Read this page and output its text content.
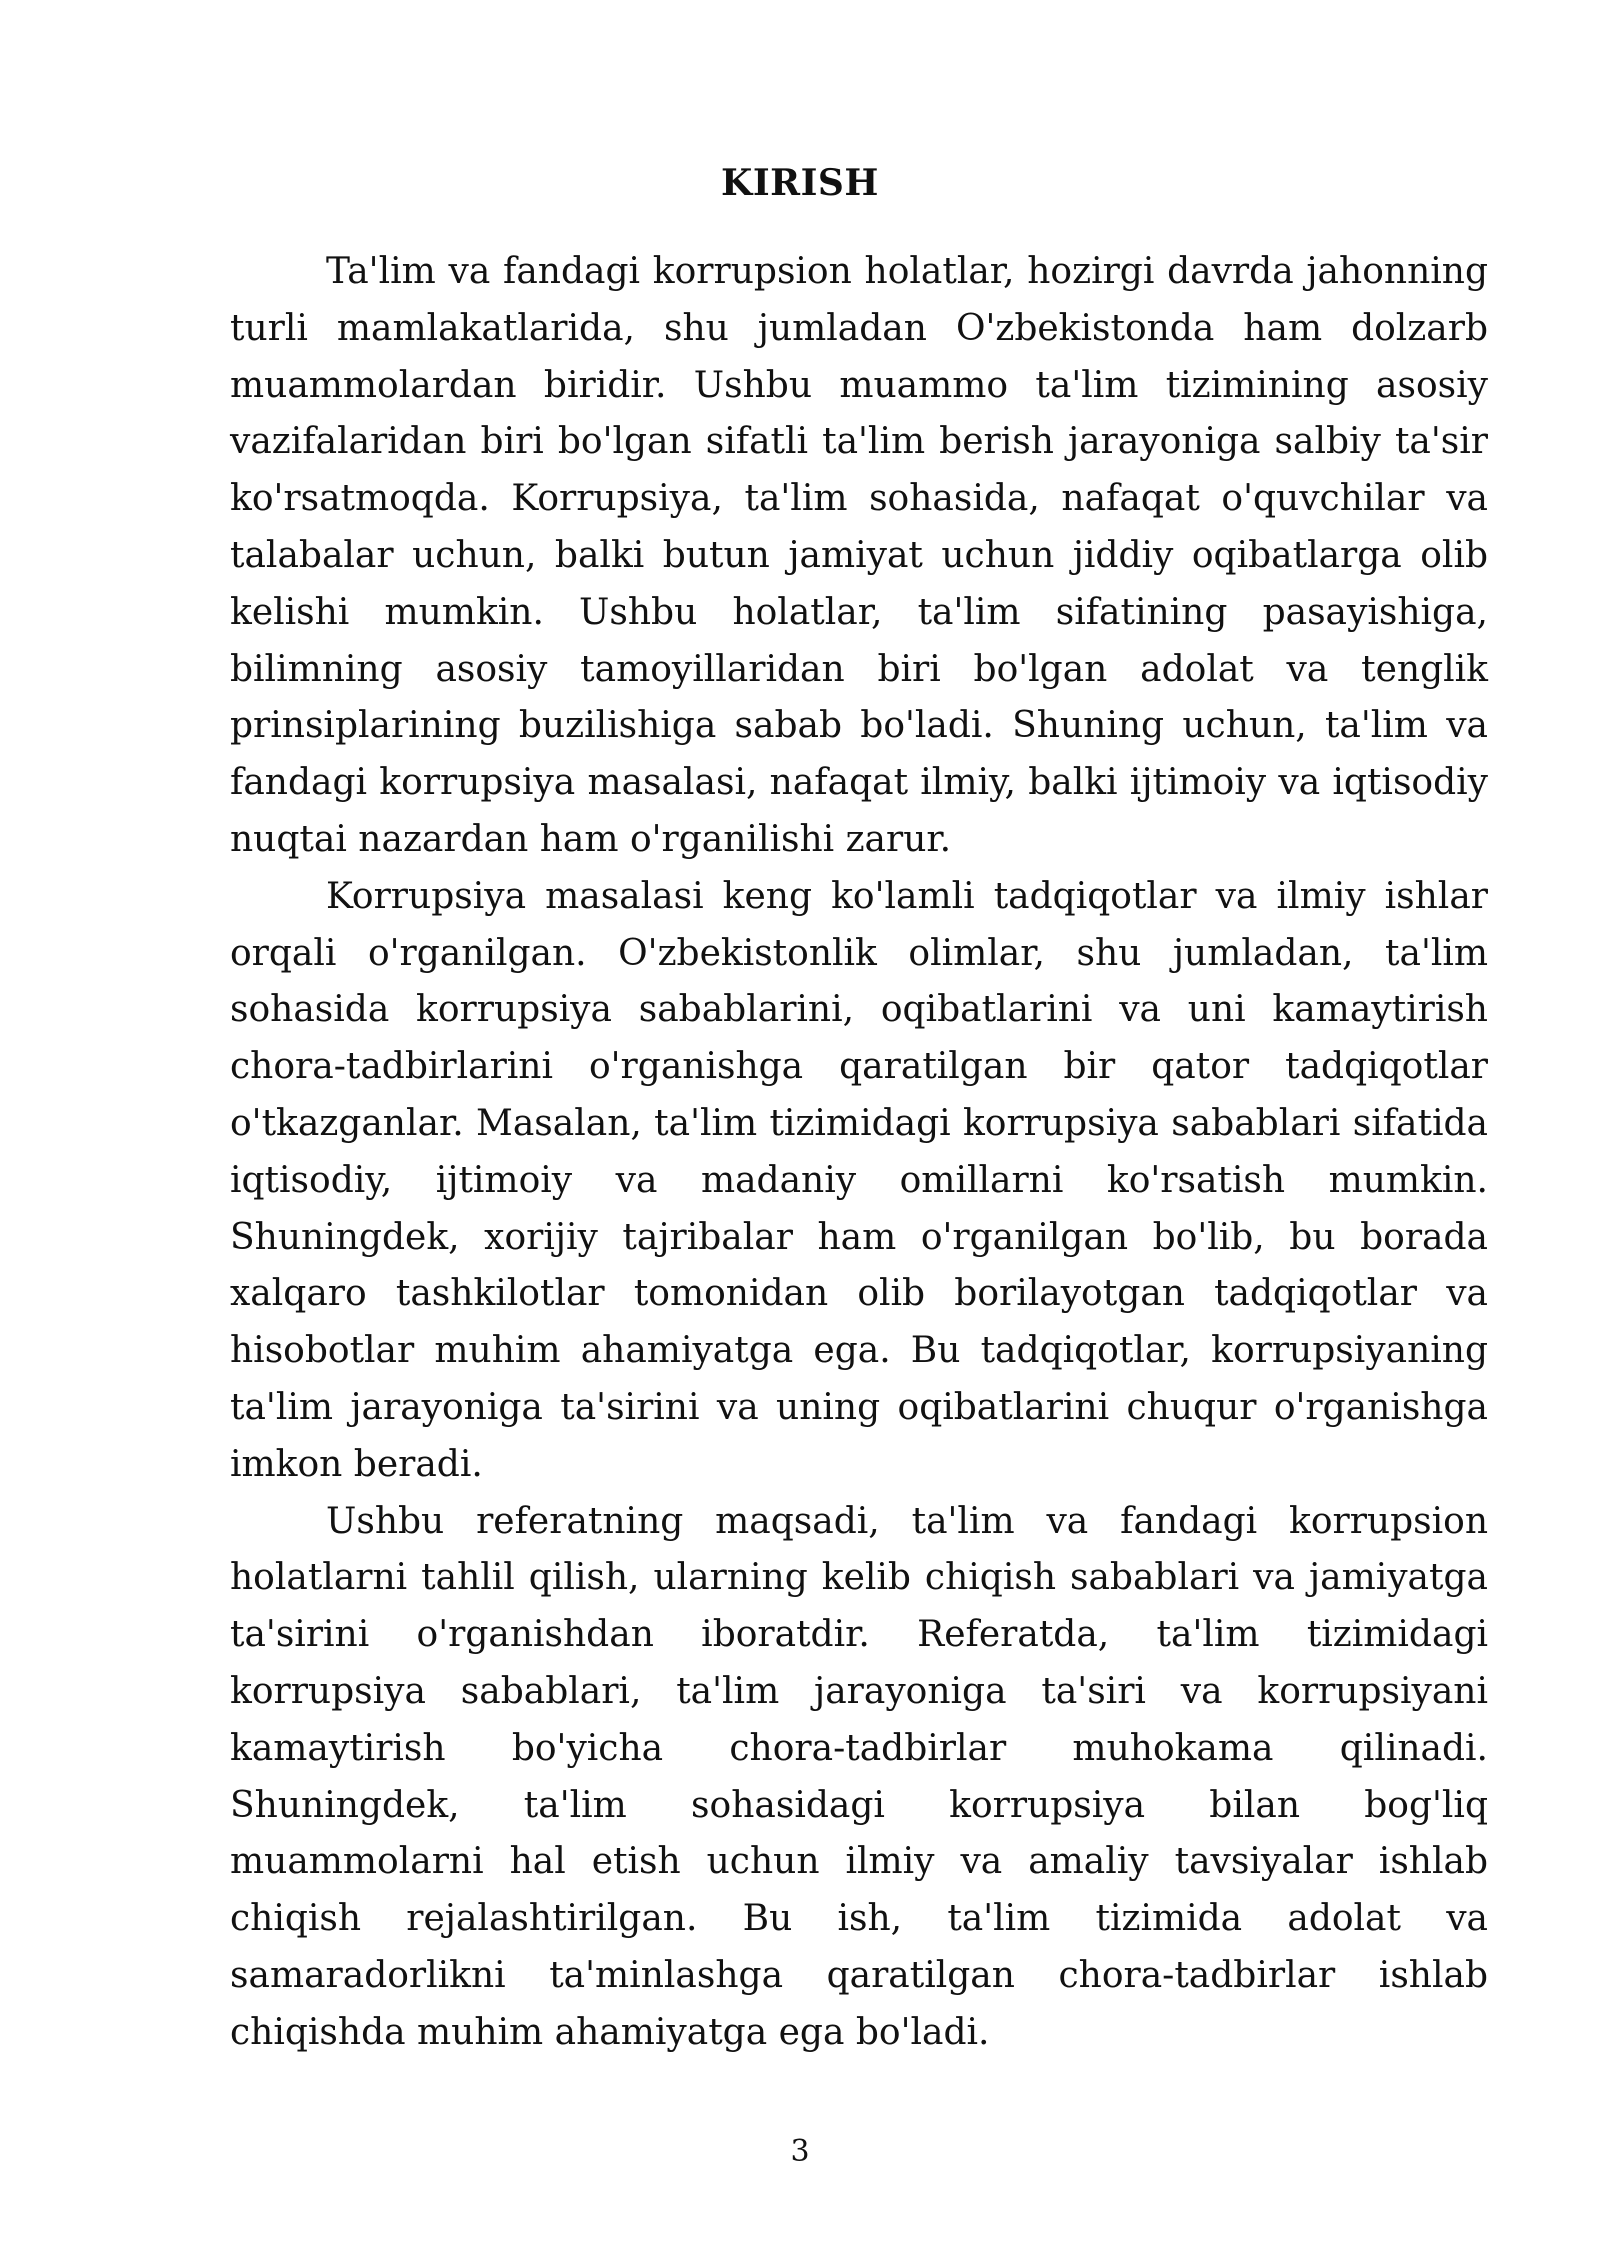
KIRISH

Ta'lim va fandagi korrupsion holatlar, hozirgi davrda jahonning turli mamlakatlarida, shu jumladan O'zbekistonda ham dolzarb muammolardan biridir. Ushbu muammo ta'lim tizimining asosiy vazifalaridan biri bo'lgan sifatli ta'lim berish jarayoniga salbiy ta'sir ko'rsatmoqda. Korrupsiya, ta'lim sohasida, nafaqat o'quvchilar va talabalar uchun, balki butun jamiyat uchun jiddiy oqibatlarga olib kelishi mumkin. Ushbu holatlar, ta'lim sifatining pasayishiga, bilimning asosiy tamoyillaridan biri bo'lgan adolat va tenglik prinsiplarining buzilishiga sabab bo'ladi. Shuning uchun, ta'lim va fandagi korrupsiya masalasi, nafaqat ilmiy, balki ijtimoiy va iqtisodiy nuqtai nazardan ham o'rganilishi zarur.

Korrupsiya masalasi keng ko'lamli tadqiqotlar va ilmiy ishlar orqali o'rganilgan. O'zbekistonlik olimlar, shu jumladan, ta'lim sohasida korrupsiya sabablarini, oqibatlarini va uni kamaytirish chora-tadbirlarini o'rganishga qaratilgan bir qator tadqiqotlar o'tkazganlar. Masalan, ta'lim tizimidagi korrupsiya sabablari sifatida iqtisodiy, ijtimoiy va madaniy omillarni ko'rsatish mumkin. Shuningdek, xorijiy tajribalar ham o'rganilgan bo'lib, bu borada xalqaro tashkilotlar tomonidan olib borilayotgan tadqiqotlar va hisobotlar muhim ahamiyatga ega. Bu tadqiqotlar, korrupsiyaning ta'lim jarayoniga ta'sirini va uning oqibatlarini chuqur o'rganishga imkon beradi.

Ushbu referatning maqsadi, ta'lim va fandagi korrupsion holatlarni tahlil qilish, ularning kelib chiqish sabablari va jamiyatga ta'sirini o'rganishdan iboratdir. Referatda, ta'lim tizimidagi korrupsiya sabablari, ta'lim jarayoniga ta'siri va korrupsiyani kamaytirish bo'yicha chora-tadbirlar muhokama qilinadi. Shuningdek, ta'lim sohasidagi korrupsiya bilan bog'liq muammolarni hal etish uchun ilmiy va amaliy tavsiyalar ishlab chiqish rejalashtirilgan. Bu ish, ta'lim tizimida adolat va samaradorlikni ta'minlashga qaratilgan chora-tadbirlar ishlab chiqishda muhim ahamiyatga ega bo'ladi.

3
